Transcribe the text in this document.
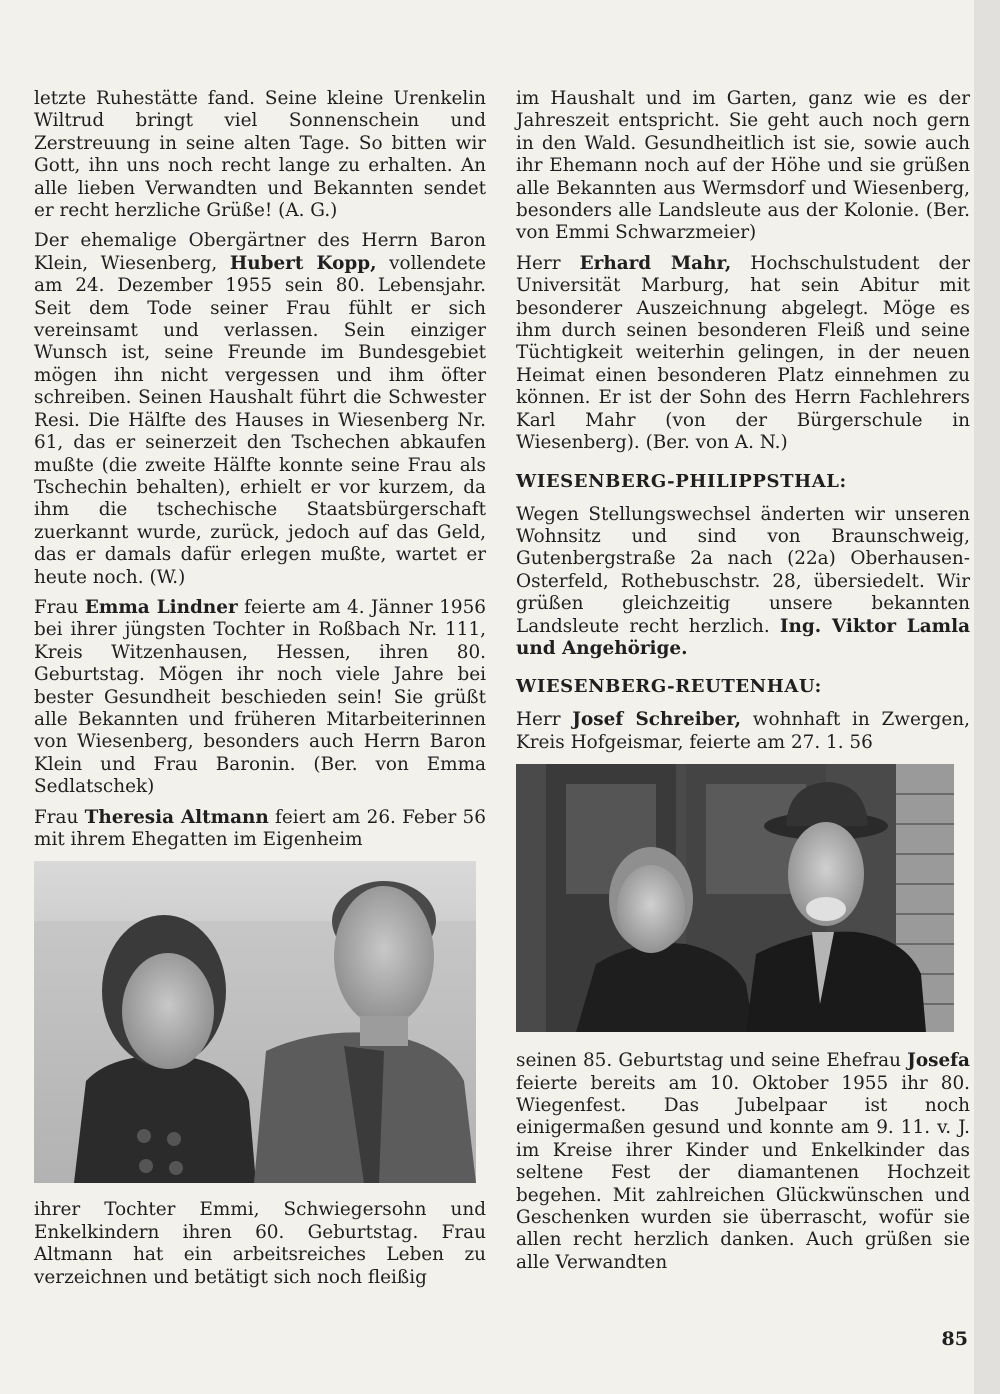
letzte Ruhestätte fand. Seine kleine Urenkelin Wiltrud bringt viel Sonnenschein und Zerstreuung in seine alten Tage. So bitten wir Gott, ihn uns noch recht lange zu erhalten. An alle lieben Verwandten und Bekannten sendet er recht herzliche Grüße! (A. G.)

Der ehemalige Obergärtner des Herrn Baron Klein, Wiesenberg, Hubert Kopp, vollendete am 24. Dezember 1955 sein 80. Lebensjahr. Seit dem Tode seiner Frau fühlt er sich vereinsamt und verlassen. Sein einziger Wunsch ist, seine Freunde im Bundesgebiet mögen ihn nicht vergessen und ihm öfter schreiben. Seinen Haushalt führt die Schwester Resi. Die Hälfte des Hauses in Wiesenberg Nr. 61, das er seinerzeit den Tschechen abkaufen mußte (die zweite Hälfte konnte seine Frau als Tschechin behalten), erhielt er vor kurzem, da ihm die tschechische Staatsbürgerschaft zuerkannt wurde, zurück, jedoch auf das Geld, das er damals dafür erlegen mußte, wartet er heute noch. (W.)

Frau Emma Lindner feierte am 4. Jänner 1956 bei ihrer jüngsten Tochter in Roßbach Nr. 111, Kreis Witzenhausen, Hessen, ihren 80. Geburtstag. Mögen ihr noch viele Jahre bei bester Gesundheit beschieden sein! Sie grüßt alle Bekannten und früheren Mitarbeiterinnen von Wiesenberg, besonders auch Herrn Baron Klein und Frau Baronin. (Ber. von Emma Sedlatschek)

Frau Theresia Altmann feiert am 26. Feber 56 mit ihrem Ehegatten im Eigenheim

ihrer Tochter Emmi, Schwiegersohn und Enkelkindern ihren 60. Geburtstag. Frau Altmann hat ein arbeitsreiches Leben zu verzeichnen und betätigt sich noch fleißig

im Haushalt und im Garten, ganz wie es der Jahreszeit entspricht. Sie geht auch noch gern in den Wald. Gesundheitlich ist sie, sowie auch ihr Ehemann noch auf der Höhe und sie grüßen alle Bekannten aus Wermsdorf und Wiesenberg, besonders alle Landsleute aus der Kolonie. (Ber. von Emmi Schwarzmeier)

Herr Erhard Mahr, Hochschulstudent der Universität Marburg, hat sein Abitur mit besonderer Auszeichnung abgelegt. Möge es ihm durch seinen besonderen Fleiß und seine Tüchtigkeit weiterhin gelingen, in der neuen Heimat einen besonderen Platz einnehmen zu können. Er ist der Sohn des Herrn Fachlehrers Karl Mahr (von der Bürgerschule in Wiesenberg). (Ber. von A. N.)

WIESENBERG-PHILIPPSTHAL:

Wegen Stellungswechsel änderten wir unseren Wohnsitz und sind von Braunschweig, Gutenbergstraße 2a nach (22a) Oberhausen-Osterfeld, Rothebuschstr. 28, übersiedelt. Wir grüßen gleichzeitig unsere bekannten Landsleute recht herzlich. Ing. Viktor Lamla und Angehörige.

WIESENBERG-REUTENHAU:

Herr Josef Schreiber, wohnhaft in Zwergen, Kreis Hofgeismar, feierte am 27. 1. 56

seinen 85. Geburtstag und seine Ehefrau Josefa feierte bereits am 10. Oktober 1955 ihr 80. Wiegenfest. Das Jubelpaar ist noch einigermaßen gesund und konnte am 9. 11. v. J. im Kreise ihrer Kinder und Enkelkinder das seltene Fest der diamantenen Hochzeit begehen. Mit zahlreichen Glückwünschen und Geschenken wurden sie überrascht, wofür sie allen recht herzlich danken. Auch grüßen sie alle Verwandten

85
